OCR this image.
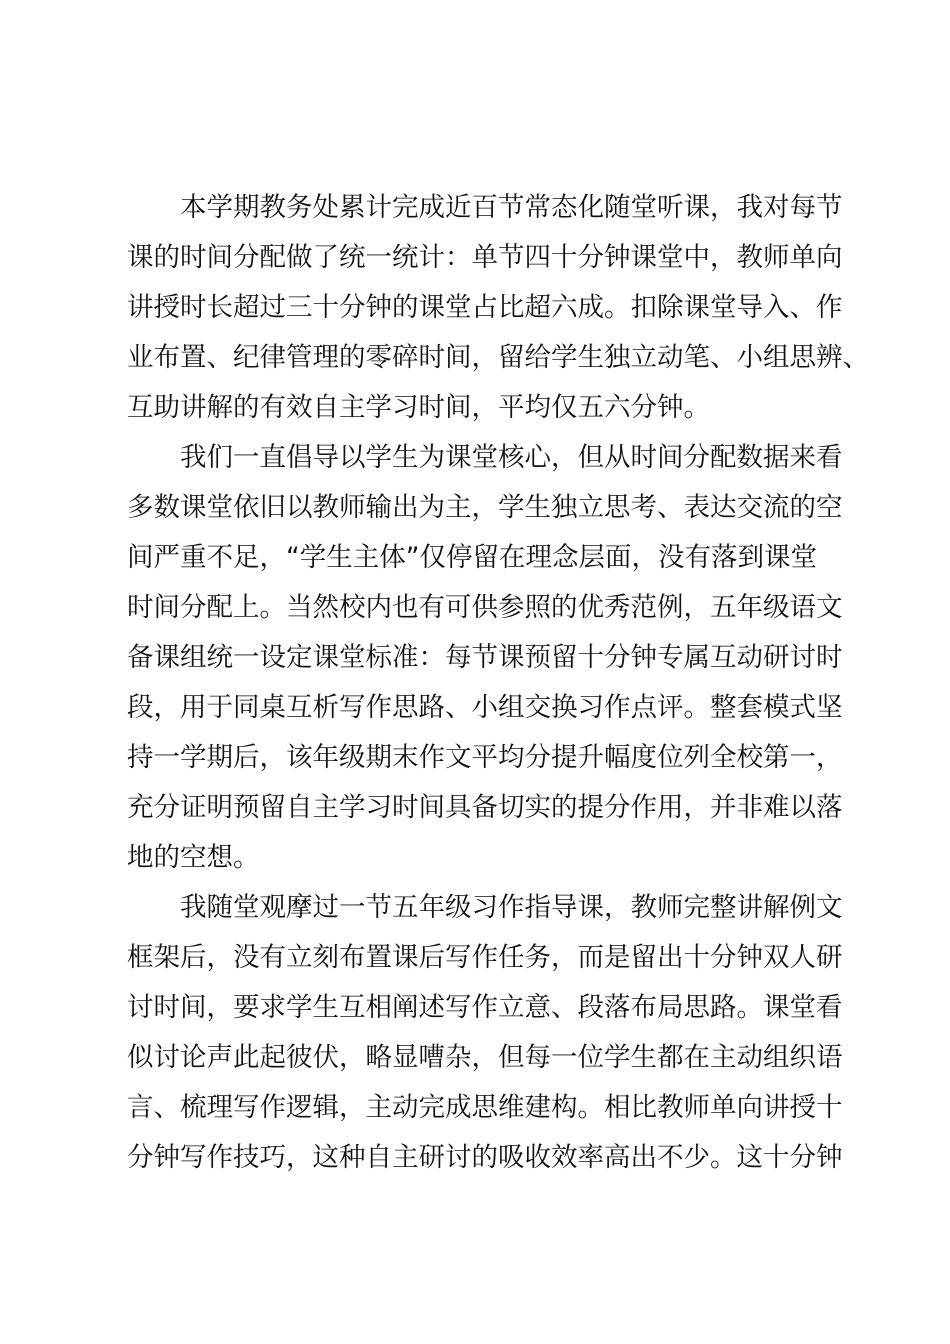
本学期教务处累计完成近百节常态化随堂听课，我对每节
课的时间分配做了统一统计：单节四十分钟课堂中，教师单向
讲授时长超过三十分钟的课堂占比超六成。扣除课堂导入、作
业布置、纪律管理的零碎时间，留给学生独立动笔、小组思辨、
互助讲解的有效自主学习时间，平均仅五六分钟。

我们一直倡导以学生为课堂核心，但从时间分配数据来看
多数课堂依旧以教师输出为主，学生独立思考、表达交流的空
间严重不足，“学生主体”仅停留在理念层面，没有落到课堂
时间分配上。当然校内也有可供参照的优秀范例，五年级语文
备课组统一设定课堂标准：每节课预留十分钟专属互动研讨时
段，用于同桌互析写作思路、小组交换习作点评。整套模式坚
持一学期后，该年级期末作文平均分提升幅度位列全校第一，
充分证明预留自主学习时间具备切实的提分作用，并非难以落
地的空想。

我随堂观摩过一节五年级习作指导课，教师完整讲解例文
框架后，没有立刻布置课后写作任务，而是留出十分钟双人研
讨时间，要求学生互相阐述写作立意、段落布局思路。课堂看
似讨论声此起彼伏，略显嘈杂，但每一位学生都在主动组织语
言、梳理写作逻辑，主动完成思维建构。相比教师单向讲授十
分钟写作技巧，这种自主研讨的吸收效率高出不少。这十分钟
